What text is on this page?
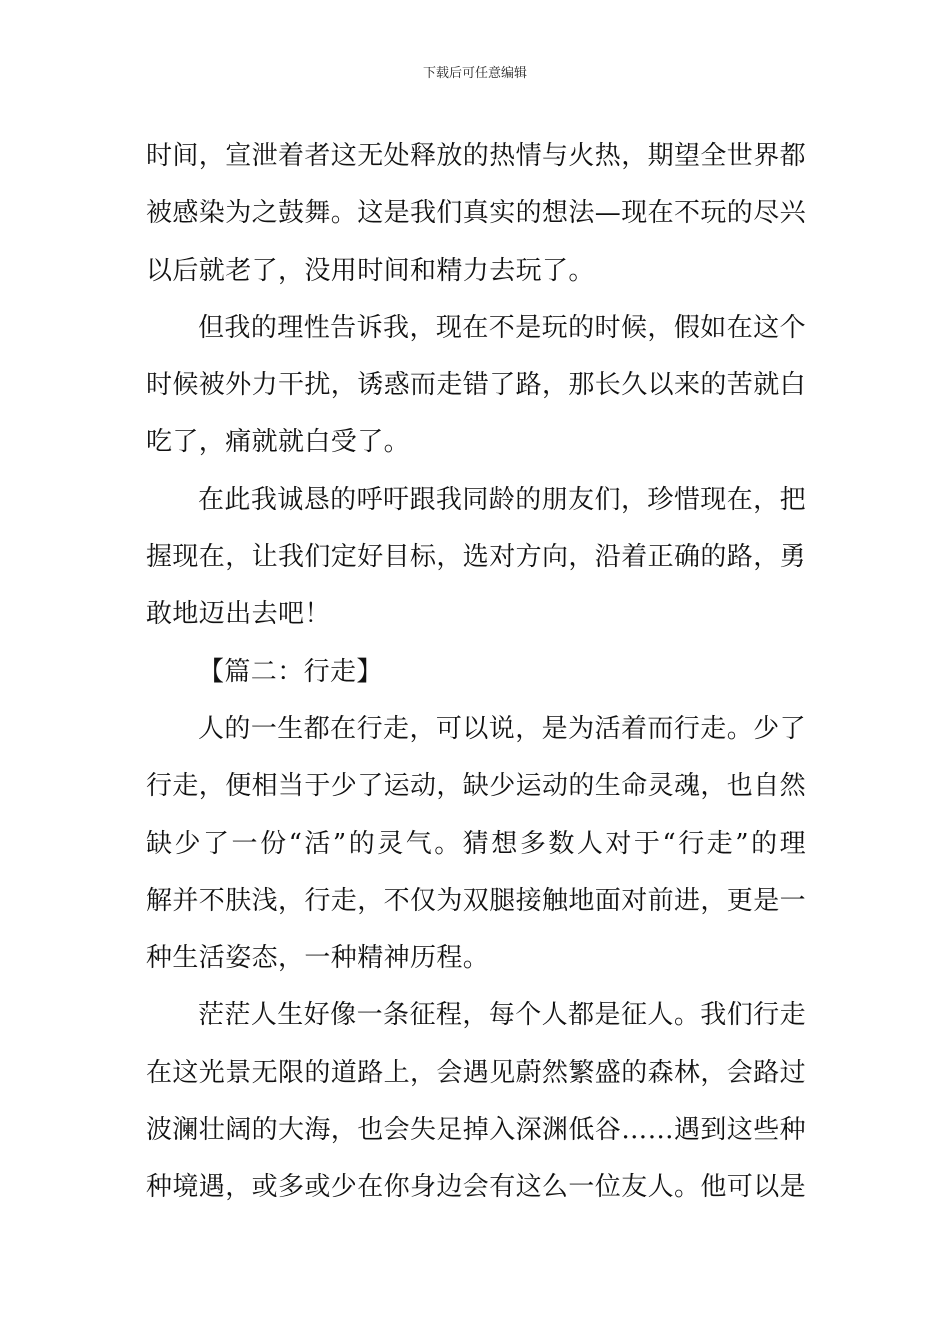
下载后可任意编辑
时间，宣泄着者这无处释放的热情与火热，期望全世界都
被感染为之鼓舞。这是我们真实的想法—现在不玩的尽兴
以后就老了，没用时间和精力去玩了。
但我的理性告诉我，现在不是玩的时候，假如在这个
时候被外力干扰，诱惑而走错了路，那长久以来的苦就白
吃了，痛就就白受了。
在此我诚恳的呼吁跟我同龄的朋友们，珍惜现在，把
握现在，让我们定好目标，选对方向，沿着正确的路，勇
敢地迈出去吧！
【篇二：行走】
人的一生都在行走，可以说，是为活着而行走。少了
行走，便相当于少了运动，缺少运动的生命灵魂，也自然
缺少了一份“活”的灵气。猜想多数人对于“行走”的理
解并不肤浅，行走，不仅为双腿接触地面对前进，更是一
种生活姿态，一种精神历程。
茫茫人生好像一条征程，每个人都是征人。我们行走
在这光景无限的道路上，会遇见蔚然繁盛的森林，会路过
波澜壮阔的大海，也会失足掉入深渊低谷……遇到这些种
种境遇，或多或少在你身边会有这么一位友人。他可以是
